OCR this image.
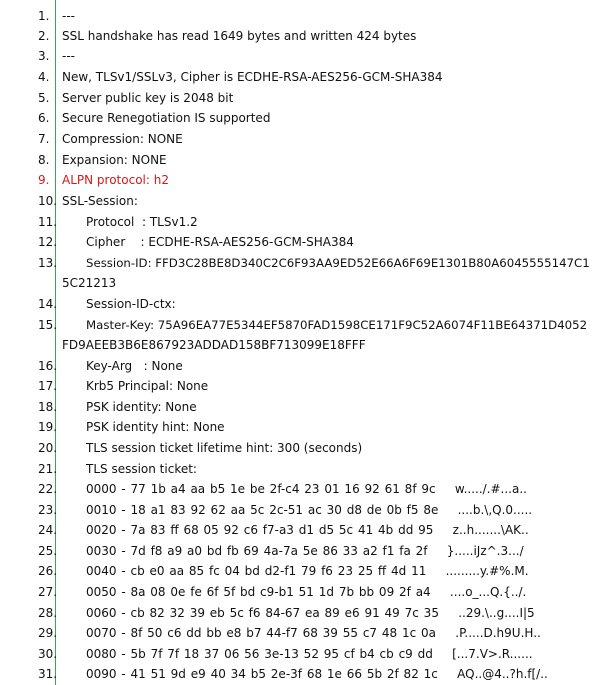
1.	---
2.	SSL handshake has read 1649 bytes and written 424 bytes
3.	---
4.	New, TLSv1/SSLv3, Cipher is ECDHE-RSA-AES256-GCM-SHA384
5.	Server public key is 2048 bit
6.	Secure Renegotiation IS supported
7.	Compression: NONE
8.	Expansion: NONE
9.	ALPN protocol: h2
10. SSL-Session:
11. Protocol  : TLSv1.2
12. Cipher    : ECDHE-RSA-AES256-GCM-SHA384
13. Session-ID: FFD3C28BE8D340C2C6F93AA9ED52E66A6F69E1301B80A6045555147C1
5C21213
14. Session-ID-ctx:
15. Master-Key: 75A96EA77E5344EF5870FAD1598CE171F9C52A6074F11BE64371D4052
FD9AEEB3B6E867923ADDAD158BF713099E18FFF
16. Key-Arg   : None
17. Krb5 Principal: None
18. PSK identity: None
19. PSK identity hint: None
20. TLS session ticket lifetime hint: 300 (seconds)
21. TLS session ticket:
22. 0000 - 77 1b a4 aa b5 1e be 2f-c4 23 01 16 92 61 8f 9c    w...../.#...a..
23. 0010 - 18 a1 83 92 62 aa 5c 2c-51 ac 30 d8 de 0b f5 8e    ....b.\,Q.0.....
24. 0020 - 7a 83 ff 68 05 92 c6 f7-a3 d1 d5 5c 41 4b dd 95    z..h.......\AK..
25. 0030 - 7d f8 a9 a0 bd fb 69 4a-7a 5e 86 33 a2 f1 fa 2f    }.....iJz^.3.../
26. 0040 - cb e0 aa 85 fc 04 bd d2-f1 79 f6 23 25 ff 4d 11    .........y.#%.M.
27. 0050 - 8a 08 0e fe 6f 5f bd c9-b1 51 1d 7b bb 09 2f a4    ....o_...Q.{../.
28. 0060 - cb 82 32 39 eb 5c f6 84-67 ea 89 e6 91 49 7c 35    ..29.\..g....I|5
29. 0070 - 8f 50 c6 dd bb e8 b7 44-f7 68 39 55 c7 48 1c 0a    .P.....D.h9U.H..
30. 0080 - 5b 7f 7f 18 37 06 56 3e-13 52 95 cf b4 cb c9 dd    [...7.V>.R......
31. 0090 - 41 51 9d e9 40 34 b5 2e-3f 68 1e 66 5b 2f 82 1c    AQ..@4..?h.f[/..
